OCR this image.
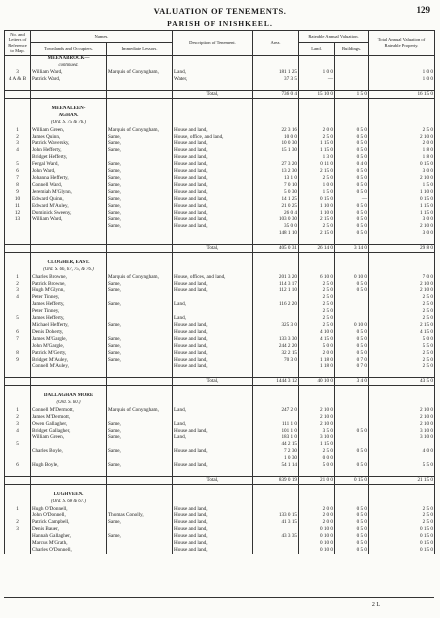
VALUATION OF TENEMENTS.	129
PARISH OF INISHKEEL.
No. and Letters of Reference to Map.	Names.		Description of Tenement.	Area.	Rateable Annual Valuation.		Total Annual Valuation of Rateable Property.
	Townlands and Occupiers.	Immediate Lessors.			Land.	Buildings.	
	MEENABROCK—						
	continued.						
3	William Ward,	Marquis of Conyngham,	Land,	181 1 25	1 0 0		1 0 0
4 A & B	Patrick Ward,		Water,	37 3 5	—		1 0 0

			Total,	736 0 4	15 10 0	1 5 0	16 15 0

	MEENALEEN-						
	AGHAN.						
	(Ord. S. 75 & 76.)						
1	William Green,	Marquis of Conyngham,	House and land,	22 3 16	2 0 0	0 5 0	2 5 0
2	James Quinn,	Same,	House, office, and land,	10 0 0	2 5 0	0 5 0	2 10 0
3	Patrick Waversky,	Same,	House and land,	10 0 30	1 15 0	0 5 0	2 0 0
4	John Hefferty,	Same,	House and land,	15 1 30	1 15 0	0 5 0	1 8 0
	Bridget Hefferty,		House and land,		1 3 0	0 5 0	1 8 0
5	Fergal Ward,	Same,	House and land,	27 3 20	0 11 0	0 4 0	0 15 0
6	John Ward,	Same,	House and land,	13 2 30	2 15 0	0 5 0	3 0 0
7	Johanna Hefferty,	Same,	House and land,	13 1 0	2 5 0	0 5 0	2 10 0
8	Connell Ward,	Same,	House and land,	7 0 10	1 0 0	0 5 0	1 5 0
9	Jeremiah M'Glynn,	Same,	House and land,	5 0 30	1 5 0	0 5 0	1 10 0
10	Edward Quinn,	Same,	House and land,	14 1 25	0 15 0	—	0 15 0
11	Edward M'Auley,	Same,	House and land,	21 0 25	1 10 0	0 5 0	1 15 0
12	Dominick Sweeny,	Same,	House and land,	26 0 4	1 10 0	0 5 0	1 15 0
13	William Ward,	Same,	House and land,	103 0 30	2 15 0	0 5 0	3 0 0
		Same,	House and land,	35 0 0	2 5 0	0 5 0	2 10 0
				148 1 10	2 15 0	0 5 0	3 0 0

			Total,	405 0 31	26 14 0	3 14 0	29 8 0

	CLOGHER, EAST.						
	(Ord. S. 66, 67, 75, & 76.)						
1	Charles Browne,	Marquis of Conyngham,	House, offices, and land,	201 3 20	6 10 0	0 10 0	7 0 0
2	Patrick Browne,	Same,	House and land,	114 3 17	2 5 0	0 5 0	2 10 0
3	Hugh M'Glynn,	Same,	House and land,	112 1 10	2 5 0	0 5 0	2 10 0
4	Peter Tinney,				2 5 0		2 5 0
	James Hefferty,	Same,	Land,	116 2 20	2 5 0		2 5 0
	Peter Tinney,				2 5 0		2 5 0
5	James Hefferty,		Land,		2 5 0		2 5 0
	Michael Hefferty,	Same,	House and land,	325 3 0	2 5 0	0 10 0	2 15 0
6	Denis Doherty,		House and land,		4 10 0	0 5 0	4 15 0
7	James M'Gargle,	Same,	House and land,	133 3 30	4 15 0	0 5 0	5 0 0
	John M'Gargle,	Same,	House and land,	244 2 20	5 0 0	0 5 0	5 5 0
8	Patrick M'Gerty,	Same,	House and land,	32 2 15	2 0 0	0 5 0	2 5 0
9	Bridget M'Auley,	Same,	House and land,	70 3 0	1 18 0	0 7 0	2 5 0
	Connell M'Auley,		House and land,		1 18 0	0 7 0	2 5 0

			Total,	1444 3 12	40 10 0	3 4 0	43 5 0

	DALLAGHAN MORE						
	(Ord. S. 60.)						
1	Connell M'Dermott,	Marquis of Conyngham,	Land,	247 2 0	2 10 0		2 10 0
2	James M'Dermott,				2 10 0		2 10 0
3	Owen Gallagher,	Same,	Land,	111 1 0	2 10 0		2 10 0
4	Bridget Gallagher,	Same,	House and land,	101 1 0	3 5 0	0 5 0	3 10 0
	William Green,	Same,	Land,	183 1 0	3 10 0		3 10 0
5				44 2 15	1 15 0		
	Charles Boyle,	Same,	House and land,	7 2 30	2 5 0	0 5 0	4 0 0
				1 0 30	0 0 0		
6	Hugh Boyle,	Same,	House and land,	54 1 14	5 0 0	0 5 0	5 5 0

			Total,	839 0 19	21 0 0	0 15 0	21 15 0

	LUGHVEEN.						
	(Ord. S. 68 & 67.)						
1	Hugh O'Donnell,		House and land,		2 0 0	0 5 0	2 5 0
	John O'Donnell,	Thomas Conolly,	House and land,	133 0 15	2 0 0	0 5 0	2 5 0
2	Patrick Campbell,	Same,	House and land,	41 3 15	2 0 0	0 5 0	2 5 0
3	Denis Bauer,		House and land,		0 10 0	0 5 0	0 15 0
	Hannah Gallagher,	Same,	House and land,	43 3 35	0 10 0	0 5 0	0 15 0
	Marcus M'Grath,		House and land,		0 10 0	0 5 0	0 15 0
	Charles O'Donnell,		House and land,		0 10 0	0 5 0	0 15 0
2 L
